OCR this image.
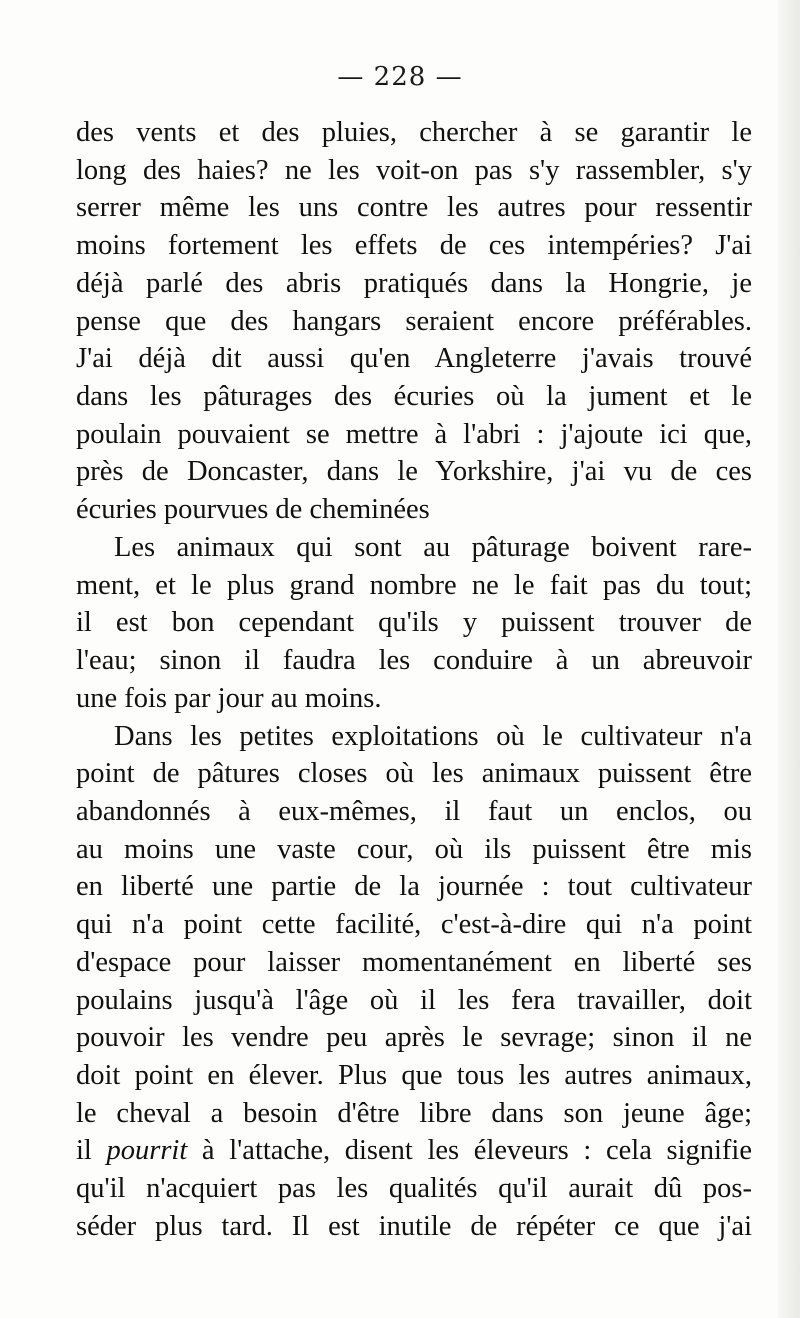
— 228 —
des vents et des pluies, chercher à se garantir le
long des haies? ne les voit-on pas s'y rassembler, s'y
serrer même les uns contre les autres pour ressentir
moins fortement les effets de ces intempéries? J'ai
déjà parlé des abris pratiqués dans la Hongrie, je
pense que des hangars seraient encore préférables.
J'ai déjà dit aussi qu'en Angleterre j'avais trouvé
dans les pâturages des écuries où la jument et le
poulain pouvaient se mettre à l'abri : j'ajoute ici que,
près de Doncaster, dans le Yorkshire, j'ai vu de ces
écuries pourvues de cheminées
Les animaux qui sont au pâturage boivent rare-
ment, et le plus grand nombre ne le fait pas du tout;
il est bon cependant qu'ils y puissent trouver de
l'eau; sinon il faudra les conduire à un abreuvoir
une fois par jour au moins.
Dans les petites exploitations où le cultivateur n'a
point de pâtures closes où les animaux puissent être
abandonnés à eux-mêmes, il faut un enclos, ou
au moins une vaste cour, où ils puissent être mis
en liberté une partie de la journée : tout cultivateur
qui n'a point cette facilité, c'est-à-dire qui n'a point
d'espace pour laisser momentanément en liberté ses
poulains jusqu'à l'âge où il les fera travailler, doit
pouvoir les vendre peu après le sevrage; sinon il ne
doit point en élever. Plus que tous les autres animaux,
le cheval a besoin d'être libre dans son jeune âge;
il pourrit à l'attache, disent les éleveurs : cela signifie
qu'il n'acquiert pas les qualités qu'il aurait dû pos-
séder plus tard. Il est inutile de répéter ce que j'ai
